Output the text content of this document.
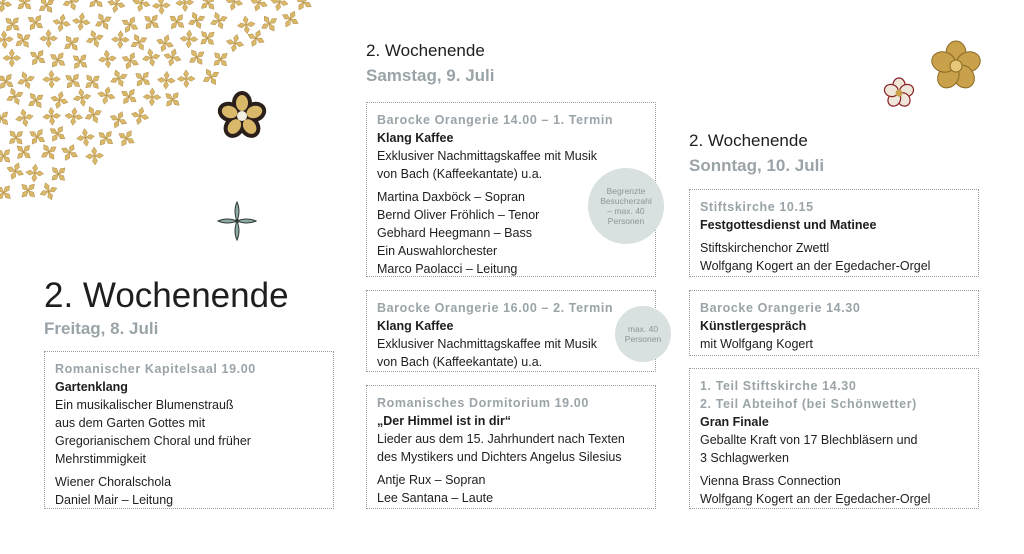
2. Wochenende
Freitag, 8. Juli
Romanischer Kapitelsaal 19.00
Gartenklang
Ein musikalischer Blumenstrauß
aus dem Garten Gottes mit
Gregorianischem Choral und früher
Mehrstimmigkeit
Wiener Choralschola
Daniel Mair – Leitung
2. Wochenende
Samstag, 9. Juli
Barocke Orangerie 14.00 – 1. Termin
Klang Kaffee
Exklusiver Nachmittagskaffee mit Musik
von Bach (Kaffeekantate) u.a.
Martina Daxböck – Sopran
Bernd Oliver Fröhlich – Tenor
Gebhard Heegmann – Bass
Ein Auswahlorchester
Marco Paolacci – Leitung
Barocke Orangerie 16.00 – 2. Termin
Klang Kaffee
Exklusiver Nachmittagskaffee mit Musik
von Bach (Kaffeekantate) u.a.
Romanisches Dormitorium 19.00
„Der Himmel ist in dir“
Lieder aus dem 15. Jahrhundert nach Texten
des Mystikers und Dichters Angelus Silesius
Antje Rux – Sopran
Lee Santana – Laute
2. Wochenende
Sonntag, 10. Juli
Stiftskirche 10.15
Festgottesdienst und Matinee
Stiftskirchenchor Zwettl
Wolfgang Kogert an der Egedacher-Orgel
Barocke Orangerie 14.30
Künstlergespräch
mit Wolfgang Kogert
1. Teil Stiftskirche 14.30
2. Teil Abteihof (bei Schönwetter)
Gran Finale
Geballte Kraft von 17 Blechbläsern und
3 Schlagwerken
Vienna Brass Connection
Wolfgang Kogert an der Egedacher-Orgel
Begrenzte
Besucherzahl
– max. 40
Personen
max. 40
Personen
